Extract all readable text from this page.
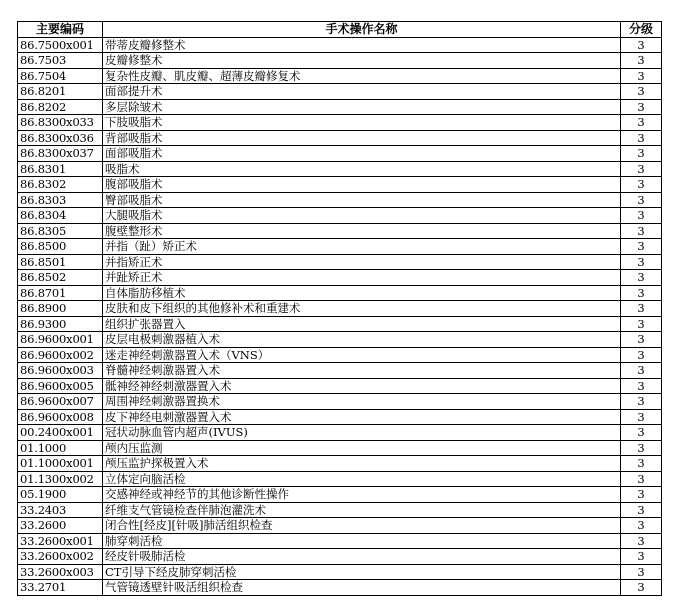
主要编码	手术操作名称	分级
86.7500x001	带蒂皮瓣修整术	3
86.7503	皮瓣修整术	3
86.7504	复杂性皮瓣、肌皮瓣、超薄皮瓣修复术	3
86.8201	面部提升术	3
86.8202	多层除皱术	3
86.8300x033	下肢吸脂术	3
86.8300x036	背部吸脂术	3
86.8300x037	面部吸脂术	3
86.8301	吸脂术	3
86.8302	腹部吸脂术	3
86.8303	臀部吸脂术	3
86.8304	大腿吸脂术	3
86.8305	腹壁整形术	3
86.8500	并指（趾）矫正术	3
86.8501	并指矫正术	3
86.8502	并趾矫正术	3
86.8701	自体脂肪移植术	3
86.8900	皮肤和皮下组织的其他修补术和重建术	3
86.9300	组织扩张器置入	3
86.9600x001	皮层电极刺激器植入术	3
86.9600x002	迷走神经刺激器置入术（VNS）	3
86.9600x003	脊髓神经刺激器置入术	3
86.9600x005	骶神经神经刺激器置入术	3
86.9600x007	周围神经刺激器置换术	3
86.9600x008	皮下神经电刺激器置入术	3
00.2400x001	冠状动脉血管内超声(IVUS)	3
01.1000	颅内压监测	3
01.1000x001	颅压监护探极置入术	3
01.1300x002	立体定向脑活检	3
05.1900	交感神经或神经节的其他诊断性操作	3
33.2403	纤维支气管镜检查伴肺泡灌洗术	3
33.2600	闭合性[经皮][针吸]肺活组织检查	3
33.2600x001	肺穿刺活检	3
33.2600x002	经皮针吸肺活检	3
33.2600x003	CT引导下经皮肺穿刺活检	3
33.2701	气管镜透壁针吸活组织检查	3
